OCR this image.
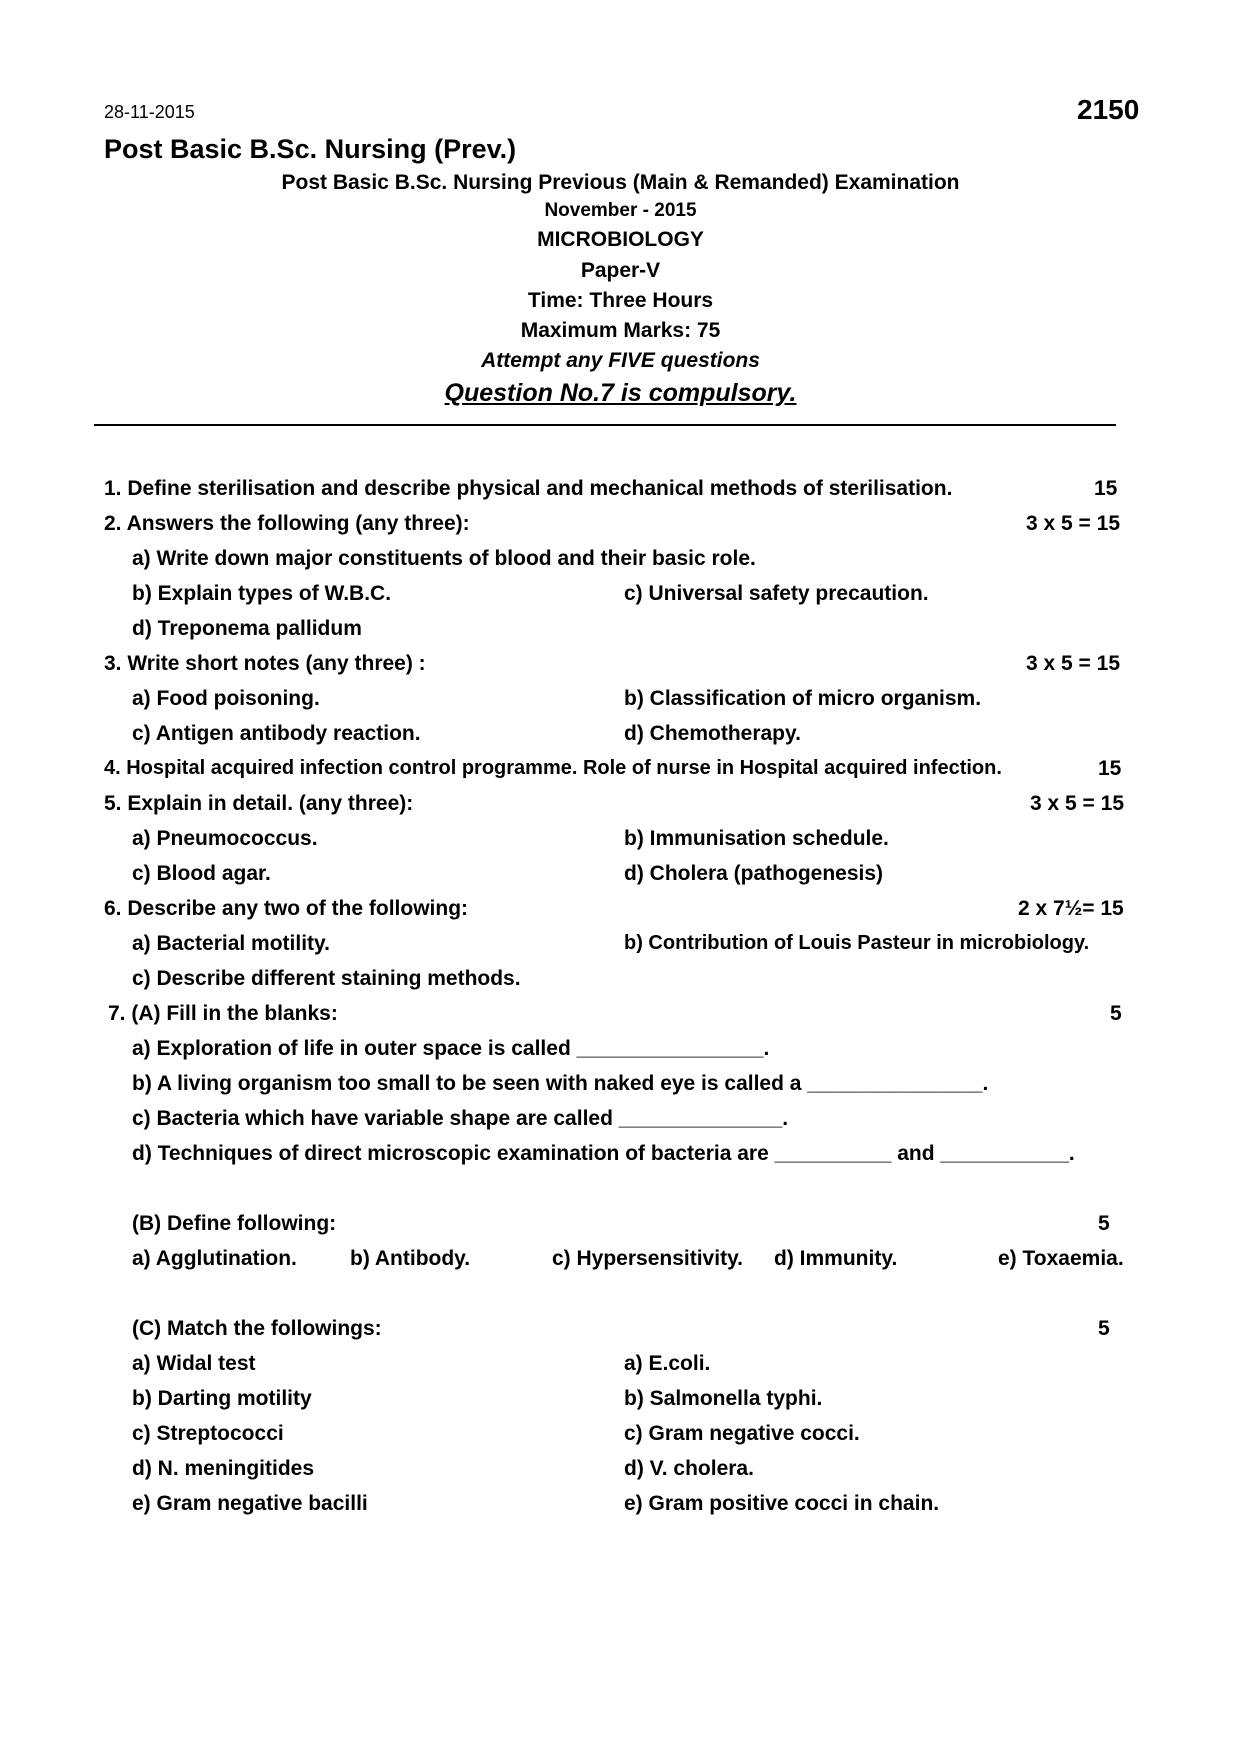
28-11-2015	2150
Post Basic B.Sc. Nursing (Prev.)
Post Basic B.Sc. Nursing Previous (Main & Remanded) Examination
November - 2015
MICROBIOLOGY
Paper-V
Time: Three Hours
Maximum Marks: 75
Attempt any FIVE questions
Question No.7 is compulsory.
1. Define sterilisation and describe physical and mechanical methods of sterilisation.	15
2. Answers the following (any three):	3 x 5 = 15
a) Write down major constituents of blood and their basic role.
b) Explain types of W.B.C.	c) Universal safety precaution.
d) Treponema pallidum
3. Write short notes (any three) :	3 x 5 = 15
a) Food poisoning.	b) Classification of micro organism.
c) Antigen antibody reaction.	d) Chemotherapy.
4. Hospital acquired infection control programme. Role of nurse in Hospital acquired infection.	15
5. Explain in detail. (any three):	3 x 5 = 15
a) Pneumococcus.	b) Immunisation schedule.
c) Blood agar.	d) Cholera (pathogenesis)
6. Describe any two of the following:	2 x 7½= 15
a) Bacterial motility.	b) Contribution of Louis Pasteur in microbiology.
c) Describe different staining methods.
7. (A) Fill in the blanks:	5
a) Exploration of life in outer space is called ________________.
b) A living organism too small to be seen with naked eye is called a _______________.
c) Bacteria which have variable shape are called ______________.
d) Techniques of direct microscopic examination of bacteria are __________ and ___________.
(B) Define following:	5
a) Agglutination.	b) Antibody.	c) Hypersensitivity. d) Immunity.	e) Toxaemia.
(C) Match the followings:	5
a) Widal test	a) E.coli.
b) Darting motility	b) Salmonella typhi.
c) Streptococci	c) Gram negative cocci.
d) N. meningitides	d) V. cholera.
e) Gram negative bacilli	e) Gram positive cocci in chain.
